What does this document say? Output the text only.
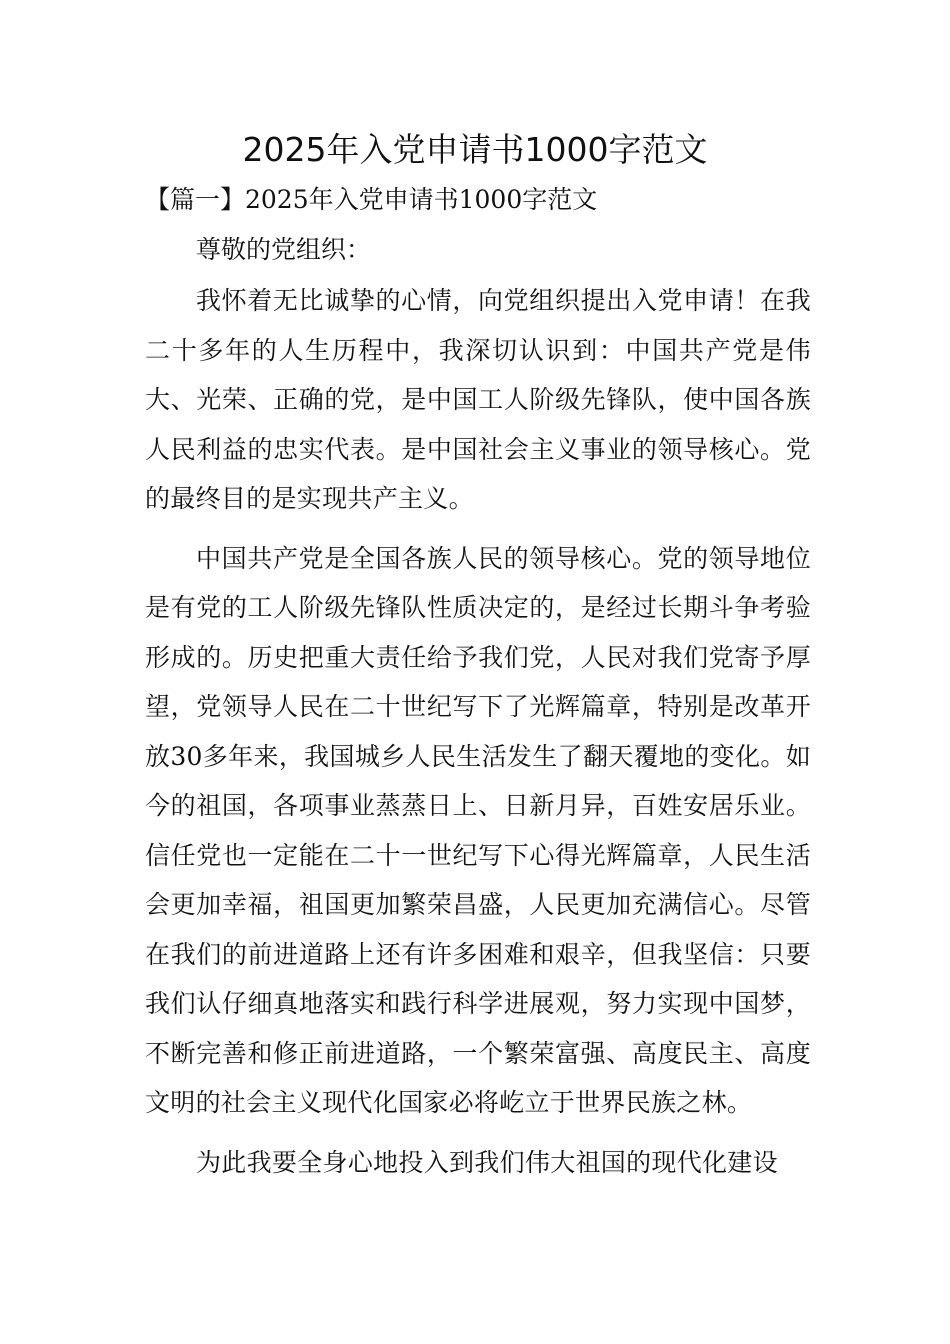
2025年入党申请书1000字范文
【篇一】2025年入党申请书1000字范文

尊敬的党组织：

我怀着无比诚挚的心情，向党组织提出入党申请！在我二十多年的人生历程中，我深切认识到：中国共产党是伟大、光荣、正确的党，是中国工人阶级先锋队，使中国各族人民利益的忠实代表。是中国社会主义事业的领导核心。党的最终目的是实现共产主义。

中国共产党是全国各族人民的领导核心。党的领导地位是有党的工人阶级先锋队性质决定的，是经过长期斗争考验形成的。历史把重大责任给予我们党，人民对我们党寄予厚望，党领导人民在二十世纪写下了光辉篇章，特别是改革开放30多年来，我国城乡人民生活发生了翻天覆地的变化。如今的祖国，各项事业蒸蒸日上、日新月异，百姓安居乐业。信任党也一定能在二十一世纪写下心得光辉篇章，人民生活会更加幸福，祖国更加繁荣昌盛，人民更加充满信心。尽管在我们的前进道路上还有许多困难和艰辛，但我坚信：只要我们认仔细真地落实和践行科学进展观，努力实现中国梦，不断完善和修正前进道路，一个繁荣富强、高度民主、高度文明的社会主义现代化国家必将屹立于世界民族之林。

为此我要全身心地投入到我们伟大祖国的现代化建设
